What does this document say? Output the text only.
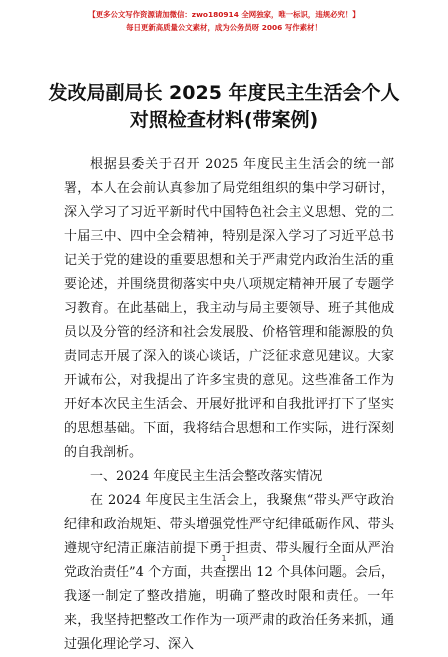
【更多公文写作资源请加微信：zwo180914 全网独家，唯一标识，违规必究！】
每日更新高质量公文素材，成为公务员呀 2006 写作素材！
发改局副局长 2025 年度民主生活会个人对照检查材料(带案例)

根据县委关于召开 2025 年度民主生活会的统一部署，本人在会前认真参加了局党组组织的集中学习研讨，深入学习了习近平新时代中国特色社会主义思想、党的二十届三中、四中全会精神，特别是深入学习了习近平总书记关于党的建设的重要思想和关于严肃党内政治生活的重要论述，并围绕贯彻落实中央八项规定精神开展了专题学习教育。在此基础上，我主动与局主要领导、班子其他成员以及分管的经济和社会发展股、价格管理和能源股的负责同志开展了深入的谈心谈话，广泛征求意见建议。大家开诚布公，对我提出了许多宝贵的意见。这些准备工作为开好本次民主生活会、开展好批评和自我批评打下了坚实的思想基础。下面，我将结合思想和工作实际，进行深刻的自我剖析。

一、2024 年度民主生活会整改落实情况

在 2024 年度民主生活会上，我聚焦“带头严守政治纪律和政治规矩、带头增强党性严守纪律砥砺作风、带头遵规守纪清正廉洁前提下勇于担责、带头履行全面从严治党政治责任”4 个方面，共查摆出 12 个具体问题。会后，我逐一制定了整改措施，明确了整改时限和责任。一年来，我坚持把整改工作作为一项严肃的政治任务来抓，通过强化理论学习、深入

1
